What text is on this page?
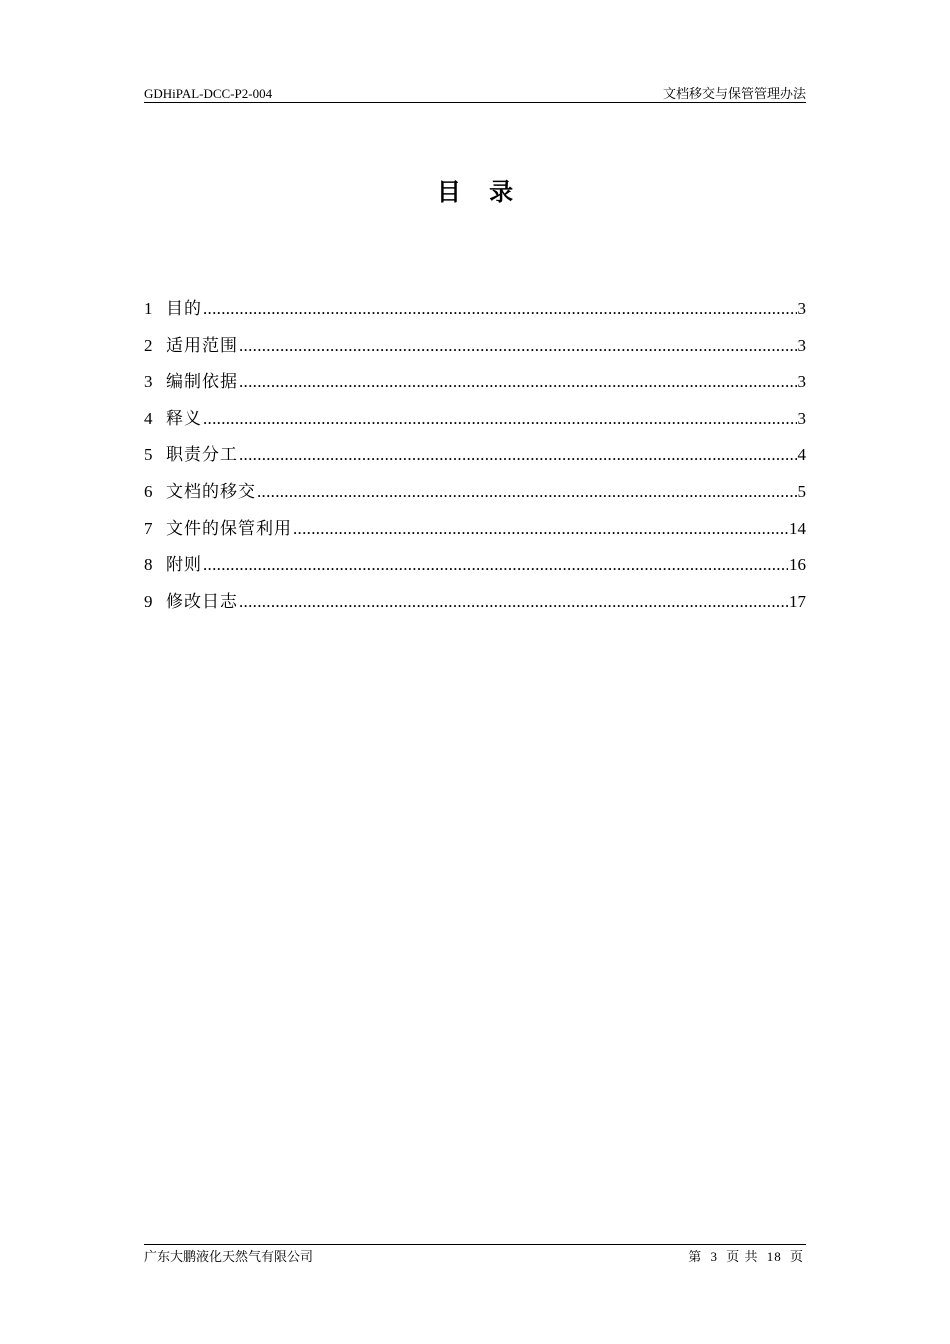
GDHiPAL-DCC-P2-004	文档移交与保管管理办法
目 录
1 目的 .....	3
2 适用范围 .....	3
3 编制依据 .....	3
4 释义 .....	3
5 职责分工 .....	4
6 文档的移交 .....	5
7 文件的保管利用 .....	14
8 附则 .....	16
9 修改日志 .....	17
广东大鹏液化天然气有限公司	第 3 页 共 18 页
